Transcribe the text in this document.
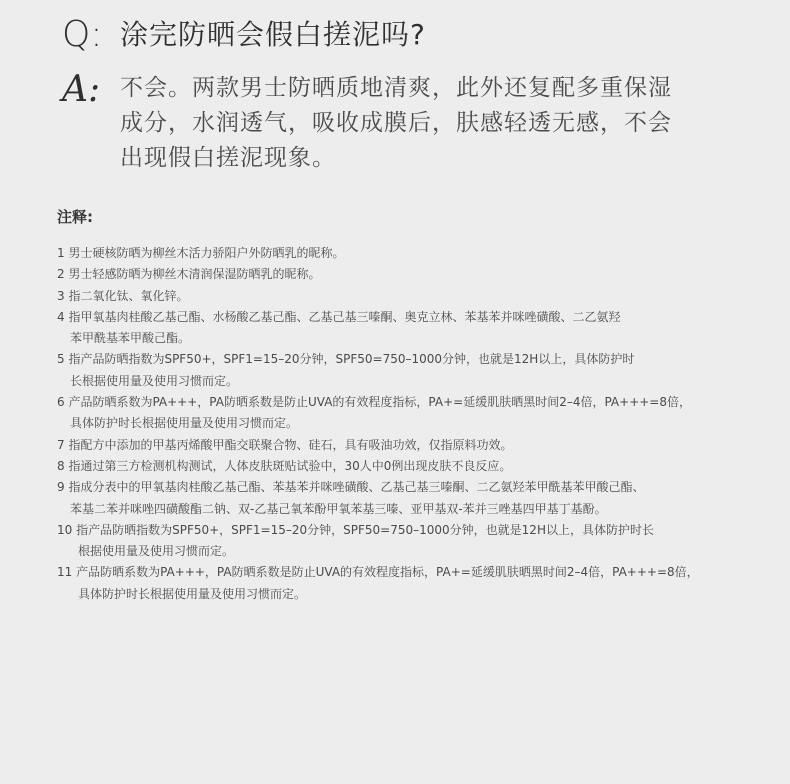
Q: 涂完防晒会假白搓泥吗?
A: 不会。两款男士防晒质地清爽，此外还复配多重保湿
成分，水润透气，吸收成膜后，肤感轻透无感，不会
出现假白搓泥现象。
注释:
1 男士硬核防晒为柳丝木活力骄阳户外防晒乳的昵称。
2 男士轻感防晒为柳丝木清润保湿防晒乳的昵称。
3 指二氧化钛、氧化锌。
4 指甲氧基肉桂酸乙基己酯、水杨酸乙基己酯、乙基己基三嗪酮、奥克立林、苯基苯并咪唑磺酸、二乙氨羟
苯甲酰基苯甲酸己酯。
5 指产品防晒指数为SPF50+，SPF1=15–20分钟，SPF50=750–1000分钟，也就是12H以上，具体防护时
长根据使用量及使用习惯而定。
6 产品防晒系数为PA+++，PA防晒系数是防止UVA的有效程度指标，PA+=延缓肌肤晒黑时间2–4倍，PA+++=8倍，
具体防护时长根据使用量及使用习惯而定。
7 指配方中添加的甲基丙烯酸甲酯交联聚合物、硅石，具有吸油功效，仅指原料功效。
8 指通过第三方检测机构测试，人体皮肤斑贴试验中，30人中0例出现皮肤不良反应。
9 指成分表中的甲氧基肉桂酸乙基己酯、苯基苯并咪唑磺酸、乙基己基三嗪酮、二乙氨羟苯甲酰基苯甲酸己酯、
苯基二苯并咪唑四磺酸酯二钠、双-乙基己氧苯酚甲氧苯基三嗪、亚甲基双-苯并三唑基四甲基丁基酚。
10 指产品防晒指数为SPF50+，SPF1=15–20分钟，SPF50=750–1000分钟，也就是12H以上，具体防护时长
根据使用量及使用习惯而定。
11 产品防晒系数为PA+++，PA防晒系数是防止UVA的有效程度指标，PA+=延缓肌肤晒黑时间2–4倍，PA+++=8倍，
具体防护时长根据使用量及使用习惯而定。
